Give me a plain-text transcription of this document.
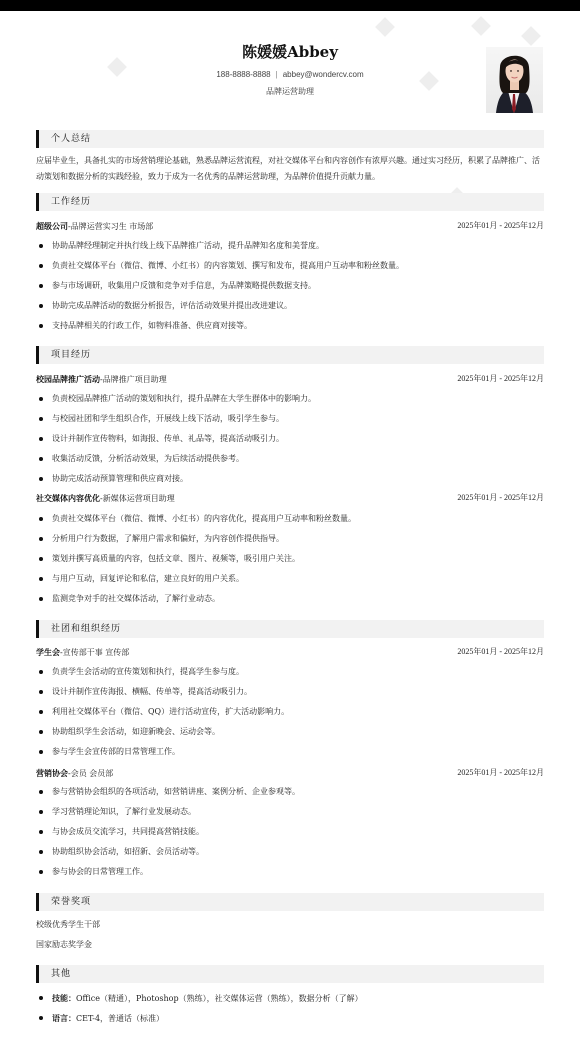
陈媛媛Abbey
188-8888-8888 | abbey@wondercv.com
品牌运营助理
个人总结
应届毕业生，具备扎实的市场营销理论基础，熟悉品牌运营流程，对社交媒体平台和内容创作有浓厚兴趣。通过实习经历，积累了品牌推广、活动策划和数据分析的实践经验，致力于成为一名优秀的品牌运营助理，为品牌价值提升贡献力量。
工作经历
超级公司-品牌运营实习生 市场部	2025年01月 - 2025年12月
协助品牌经理制定并执行线上线下品牌推广活动，提升品牌知名度和美誉度。
负责社交媒体平台（微信、微博、小红书）的内容策划、撰写和发布，提高用户互动率和粉丝数量。
参与市场调研，收集用户反馈和竞争对手信息，为品牌策略提供数据支持。
协助完成品牌活动的数据分析报告，评估活动效果并提出改进建议。
支持品牌相关的行政工作，如物料准备、供应商对接等。
项目经历
校园品牌推广活动-品牌推广项目助理	2025年01月 - 2025年12月
负责校园品牌推广活动的策划和执行，提升品牌在大学生群体中的影响力。
与校园社团和学生组织合作，开展线上线下活动，吸引学生参与。
设计并制作宣传物料，如海报、传单、礼品等，提高活动吸引力。
收集活动反馈，分析活动效果，为后续活动提供参考。
协助完成活动预算管理和供应商对接。
社交媒体内容优化-新媒体运营项目助理	2025年01月 - 2025年12月
负责社交媒体平台（微信、微博、小红书）的内容优化，提高用户互动率和粉丝数量。
分析用户行为数据，了解用户需求和偏好，为内容创作提供指导。
策划并撰写高质量的内容，包括文章、图片、视频等，吸引用户关注。
与用户互动，回复评论和私信，建立良好的用户关系。
监测竞争对手的社交媒体活动，了解行业动态。
社团和组织经历
学生会-宣传部干事 宣传部	2025年01月 - 2025年12月
负责学生会活动的宣传策划和执行，提高学生参与度。
设计并制作宣传海报、横幅、传单等，提高活动吸引力。
利用社交媒体平台（微信、QQ）进行活动宣传，扩大活动影响力。
协助组织学生会活动，如迎新晚会、运动会等。
参与学生会宣传部的日常管理工作。
营销协会-会员 会员部	2025年01月 - 2025年12月
参与营销协会组织的各项活动，如营销讲座、案例分析、企业参观等。
学习营销理论知识，了解行业发展动态。
与协会成员交流学习，共同提高营销技能。
协助组织协会活动，如招新、会员活动等。
参与协会的日常管理工作。
荣誉奖项
校级优秀学生干部
国家励志奖学金
其他
技能：Office（精通），Photoshop（熟练），社交媒体运营（熟练），数据分析（了解）
语言：CET-4，普通话（标准）
